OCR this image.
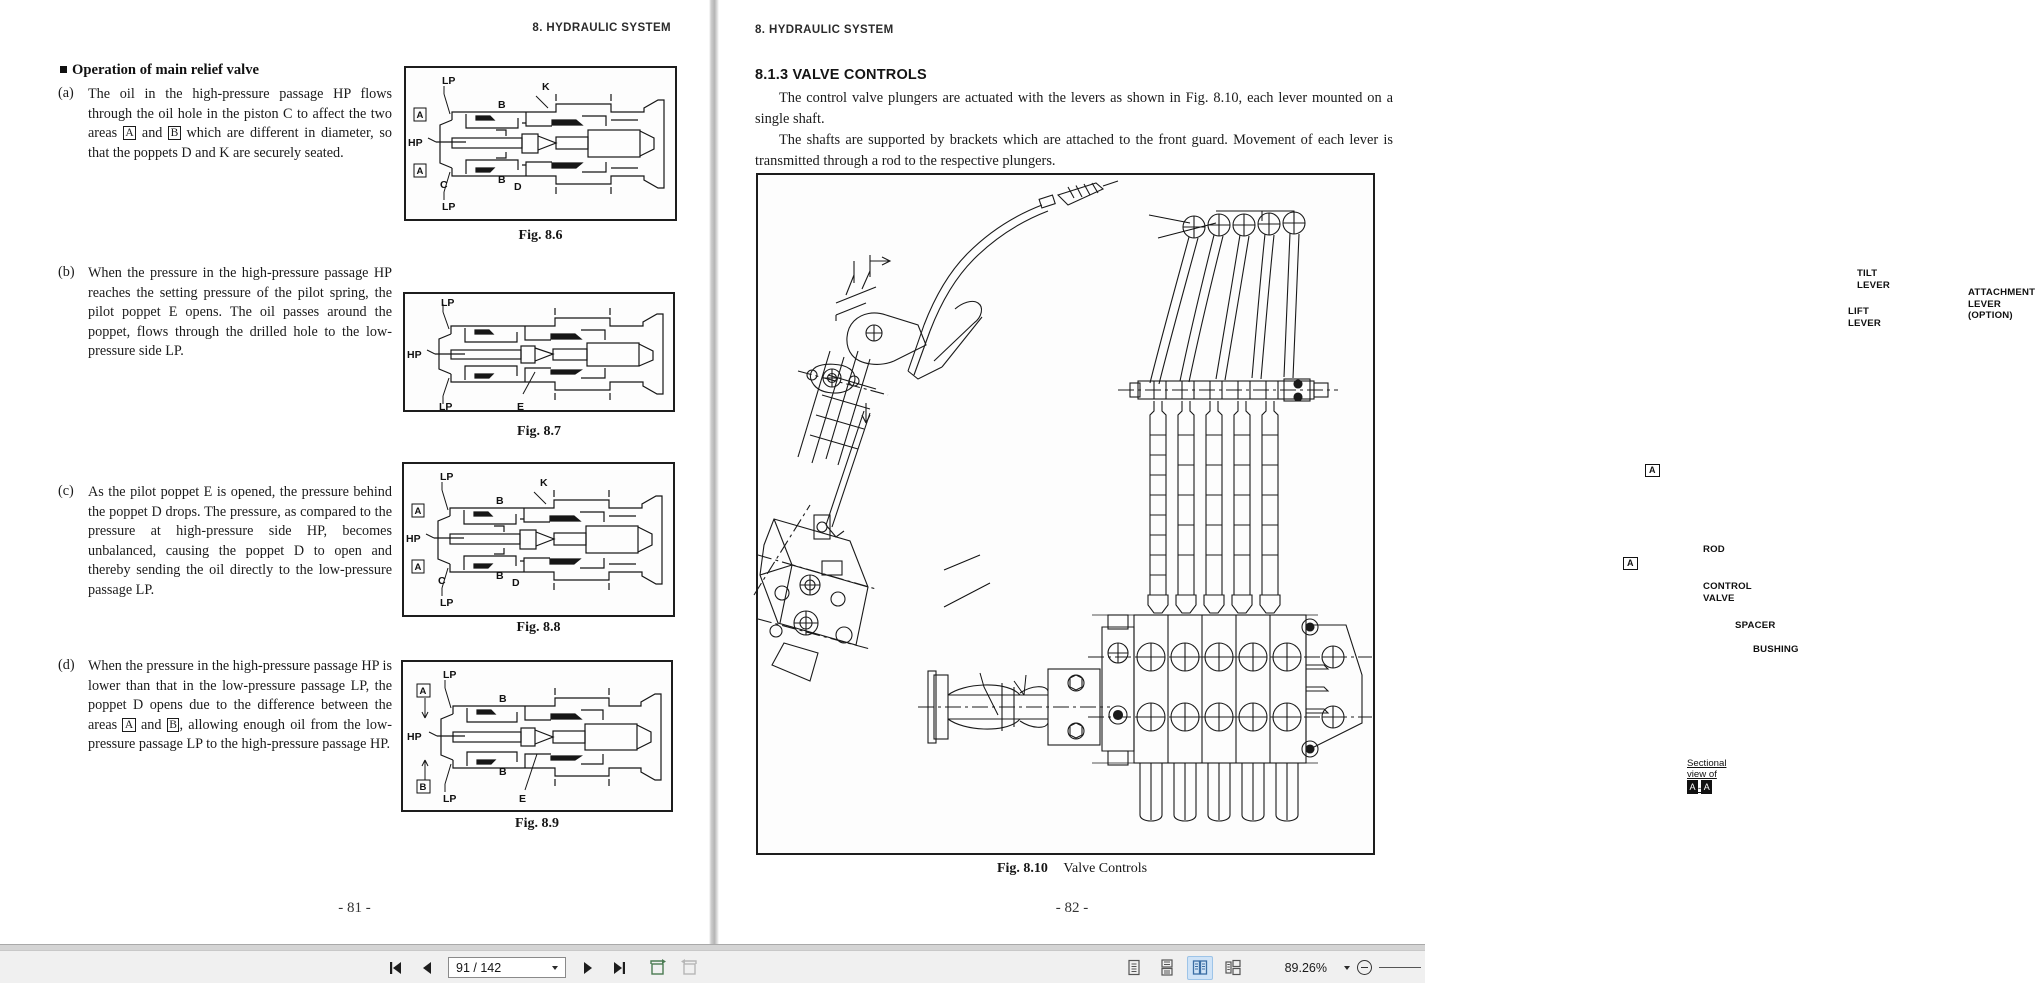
8. HYDRAULIC SYSTEM
Operation of main relief valve
(a)	The oil in the high-pressure passage HP flows through the oil hole in the piston C to affect the two areas A and B which are different in diameter, so that the poppets D and K are securely seated.
(b) When the pressure in the high-pressure passage HP reaches the setting pressure of the pilot spring, the pilot poppet E opens. The oil passes around the poppet, flows through the drilled hole to the low-pressure side LP.
(c)	As the pilot poppet E is opened, the pressure behind the poppet D drops. The pressure, as compared to the pressure at high-pressure side HP, becomes unbalanced, causing the poppet D to open and thereby sending the oil directly to the low-pressure passage LP.
(d) When the pressure in the high-pressure passage HP is lower than that in the low-pressure passage LP, the poppet D opens due to the difference between the areas A and B , allowing enough oil from the low-pressure passage LP to the high-pressure passage HP.
LP	K
HP
LP
B
B
C	D
A
A
Fig. 8.6
LP
HP
LP	E
Fig. 8.7
LP	K
HP
LP
B
B
C	D
A
A
Fig. 8.8
LP
HP
LP
B
B
E
A
B
Fig. 8.9
- 81 -
8. HYDRAULIC SYSTEM
8.1.3 VALVE CONTROLS
The control valve plungers are actuated with the levers as shown in Fig. 8.10, each lever mounted on a single shaft.
The shafts are supported by brackets which are attached to the front guard. Movement of each lever is transmitted through a rod to the respective plungers.
TILT LEVER
LIFT LEVER
ATTACHMENT
LEVER (OPTION)
ROD
CONTROL VALVE
SPACER
BUSHING
A
A
Sectional view of A - A
Fig. 8.10 Valve Controls
- 82 -
91 / 142	89.26%
